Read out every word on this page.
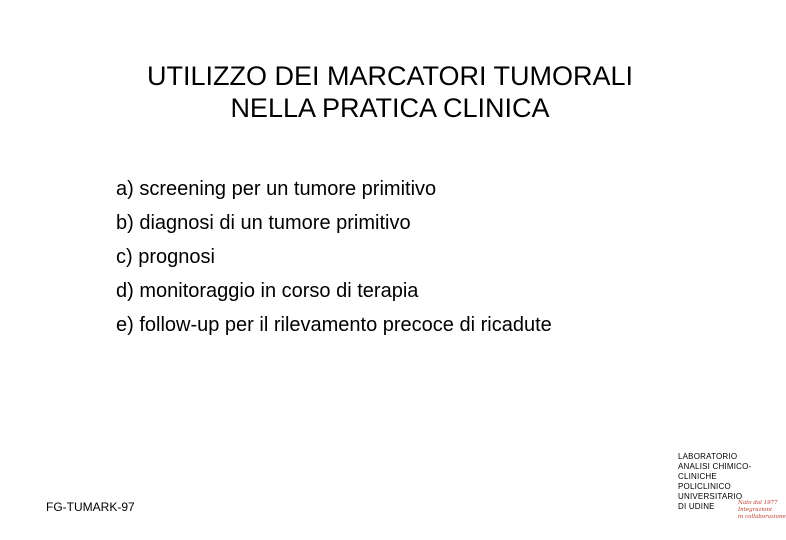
UTILIZZO DEI MARCATORI TUMORALI
NELLA PRATICA CLINICA
a) screening per un tumore primitivo
b) diagnosi di un tumore primitivo
c) prognosi
d) monitoraggio in corso di terapia
e) follow-up per il rilevamento precoce di ricadute
FG-TUMARK-97
LABORATORIO
ANALISI CHIMICO-
CLINICHE
POLICLINICO
UNIVERSITARIO
DI UDINE	Nato dal 1977
Integrazioni
in collaborazione
